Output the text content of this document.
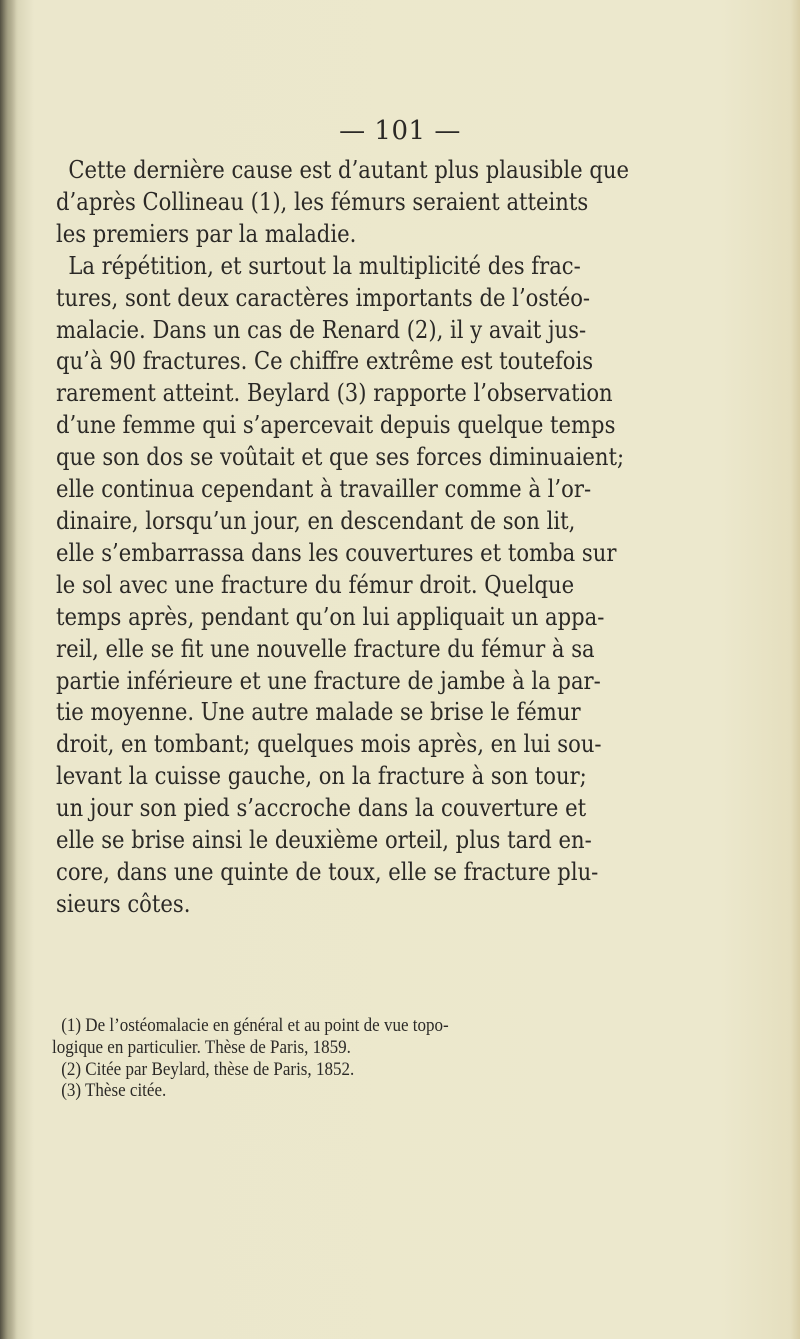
— 101 —
Cette dernière cause est d’autant plus plausible que
d’après Collineau (1), les fémurs seraient atteints
les premiers par la maladie.
La répétition, et surtout la multiplicité des frac-
tures, sont deux caractères importants de l’ostéo-
malacie. Dans un cas de Renard (2), il y avait jus-
qu’à 90 fractures. Ce chiffre extrême est toutefois
rarement atteint. Beylard (3) rapporte l’observation
d’une femme qui s’apercevait depuis quelque temps
que son dos se voûtait et que ses forces diminuaient;
elle continua cependant à travailler comme à l’or-
dinaire, lorsqu’un jour, en descendant de son lit,
elle s’embarrassa dans les couvertures et tomba sur
le sol avec une fracture du fémur droit. Quelque
temps après, pendant qu’on lui appliquait un appa-
reil, elle se fit une nouvelle fracture du fémur à sa
partie inférieure et une fracture de jambe à la par-
tie moyenne. Une autre malade se brise le fémur
droit, en tombant; quelques mois après, en lui sou-
levant la cuisse gauche, on la fracture à son tour;
un jour son pied s’accroche dans la couverture et
elle se brise ainsi le deuxième orteil, plus tard en-
core, dans une quinte de toux, elle se fracture plu-
sieurs côtes.
(1) De l’ostéomalacie en général et au point de vue topo-
logique en particulier. Thèse de Paris, 1859.
(2) Citée par Beylard, thèse de Paris, 1852.
(3) Thèse citée.
